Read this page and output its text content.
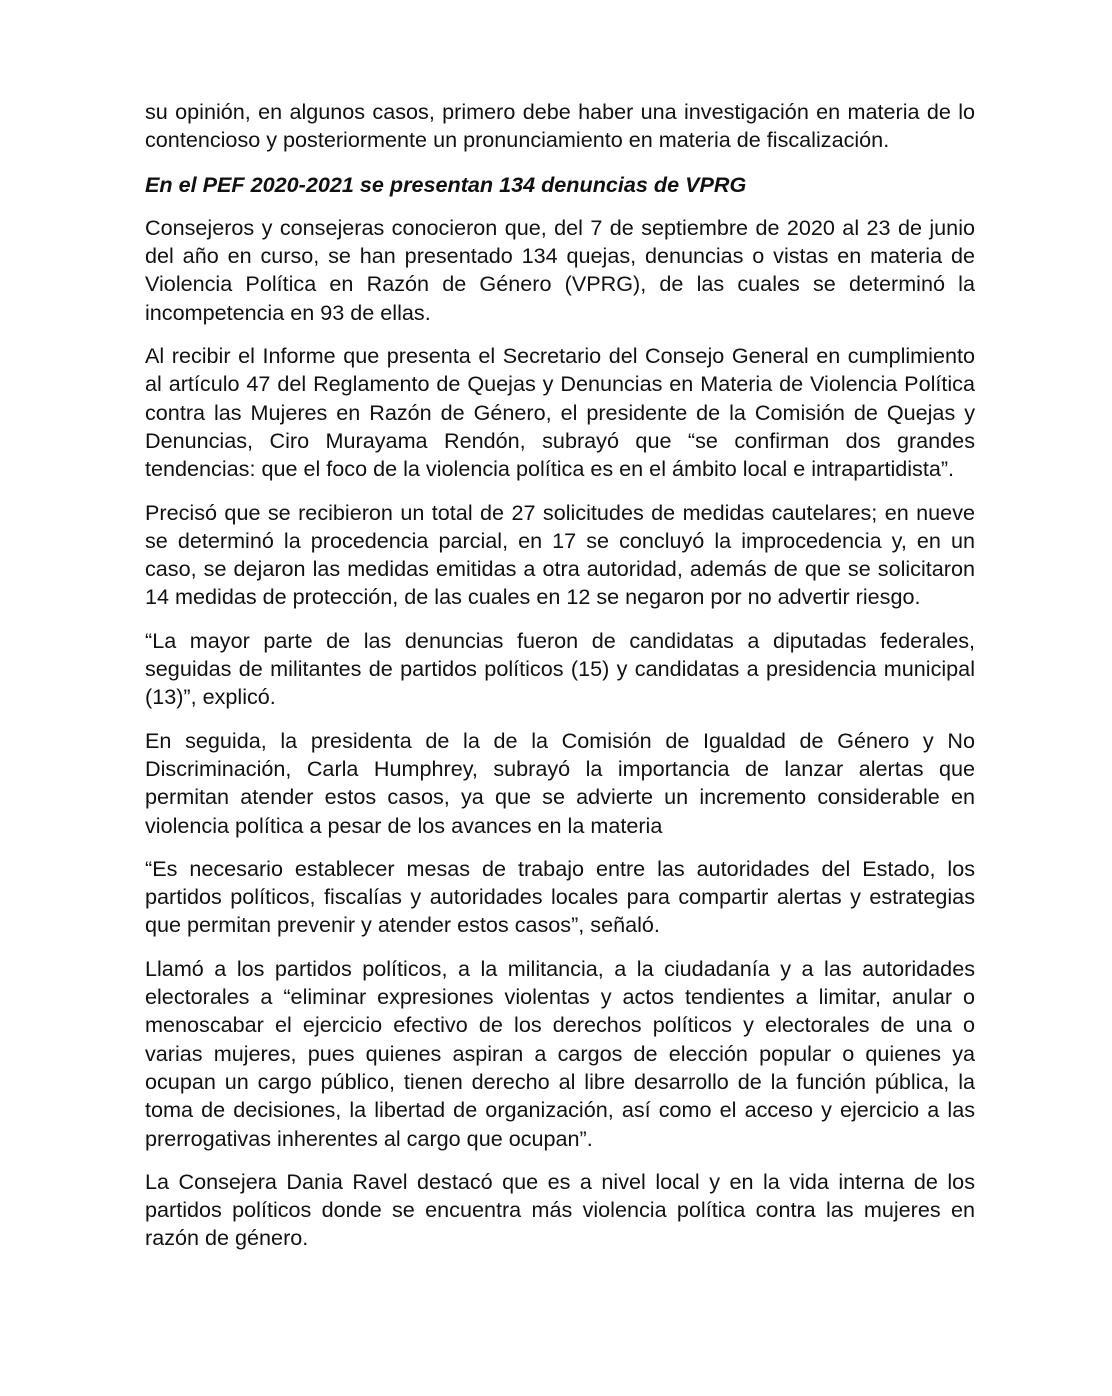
su opinión, en algunos casos, primero debe haber una investigación en materia de lo contencioso y posteriormente un pronunciamiento en materia de fiscalización.

En el PEF 2020-2021 se presentan 134 denuncias de VPRG

Consejeros y consejeras conocieron que, del 7 de septiembre de 2020 al 23 de junio del año en curso, se han presentado 134 quejas, denuncias o vistas en materia de Violencia Política en Razón de Género (VPRG), de las cuales se determinó la incompetencia en 93 de ellas.

Al recibir el Informe que presenta el Secretario del Consejo General en cumplimiento al artículo 47 del Reglamento de Quejas y Denuncias en Materia de Violencia Política contra las Mujeres en Razón de Género, el presidente de la Comisión de Quejas y Denuncias, Ciro Murayama Rendón, subrayó que “se confirman dos grandes tendencias: que el foco de la violencia política es en el ámbito local e intrapartidista”.

Precisó que se recibieron un total de 27 solicitudes de medidas cautelares; en nueve se determinó la procedencia parcial, en 17 se concluyó la improcedencia y, en un caso, se dejaron las medidas emitidas a otra autoridad, además de que se solicitaron 14 medidas de protección, de las cuales en 12 se negaron por no advertir riesgo.

“La mayor parte de las denuncias fueron de candidatas a diputadas federales, seguidas de militantes de partidos políticos (15) y candidatas a presidencia municipal (13)”, explicó.

En seguida, la presidenta de la de la Comisión de Igualdad de Género y No Discriminación, Carla Humphrey, subrayó la importancia de lanzar alertas que permitan atender estos casos, ya que se advierte un incremento considerable en violencia política a pesar de los avances en la materia

“Es necesario establecer mesas de trabajo entre las autoridades del Estado, los partidos políticos, fiscalías y autoridades locales para compartir alertas y estrategias que permitan prevenir y atender estos casos”, señaló.

Llamó a los partidos políticos, a la militancia, a la ciudadanía y a las autoridades electorales a “eliminar expresiones violentas y actos tendientes a limitar, anular o menoscabar el ejercicio efectivo de los derechos políticos y electorales de una o varias mujeres, pues quienes aspiran a cargos de elección popular o quienes ya ocupan un cargo público, tienen derecho al libre desarrollo de la función pública, la toma de decisiones, la libertad de organización, así como el acceso y ejercicio a las prerrogativas inherentes al cargo que ocupan”.

La Consejera Dania Ravel destacó que es a nivel local y en la vida interna de los partidos políticos donde se encuentra más violencia política contra las mujeres en razón de género.
